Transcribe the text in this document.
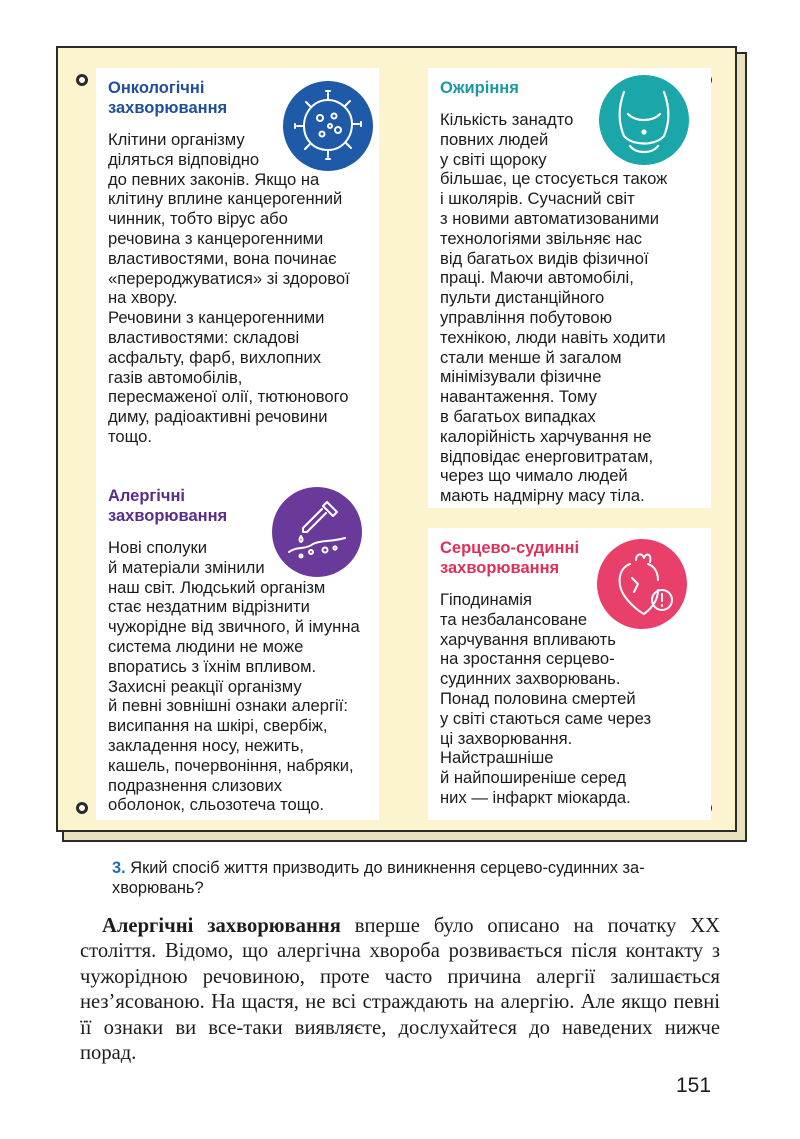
Онкологічні
захворювання

Клітини організму
діляться відповідно
до певних законів. Якщо на
клітину вплине канцерогенний
чинник, тобто вірус або
речовина з канцерогенними
властивостями, вона починає
«перероджуватися» зі здорової
на хвору.
Речовини з канцерогенними
властивостями: складові
асфальту, фарб, вихлопних
газів автомобілів,
пересмаженої олії, тютюнового
диму, радіоактивні речовини
тощо.

Ожиріння

Кількість занадто
повних людей
у світі щороку
більшає, це стосується також
і школярів. Сучасний світ
з новими автоматизованими
технологіями звільняє нас
від багатьох видів фізичної
праці. Маючи автомобілі,
пульти дистанційного
управління побутовою
технікою, люди навіть ходити
стали менше й загалом
мінімізували фізичне
навантаження. Тому
в багатьох випадках
калорійність харчування не
відповідає енерговитратам,
через що чимало людей
мають надмірну масу тіла.

Алергічні
захворювання

Нові сполуки
й матеріали змінили
наш світ. Людський організм
стає нездатним відрізнити
чужорідне від звичного, й імунна
система людини не може
впоратись з їхнім впливом.
Захисні реакції організму
й певні зовнішні ознаки алергії:
висипання на шкірі, свербіж,
закладення носу, нежить,
кашель, почервоніння, набряки,
подразнення слизових
оболонок, сльозотеча тощо.

Серцево-судинні
захворювання

Гіподинамія
та незбалансоване
харчування впливають
на зростання серцево-
судинних захворювань.
Понад половина смертей
у світі стаються саме через
ці захворювання.
Найстрашніше
й найпоширеніше серед
них — інфаркт міокарда.

3. Який спосіб життя призводить до виникнення серцево-судинних за-
хворювань?
Алергічні захворювання вперше було описано на початку XX століття. Відомо, що алергічна хвороба розвивається після контакту з чужорідною речовиною, проте часто причина алергії залишається нез’ясованою. На щастя, не всі страждають на алергію. Але якщо певні її ознаки ви все-таки виявляєте, дослухайтеся до наведених нижче порад.
151
